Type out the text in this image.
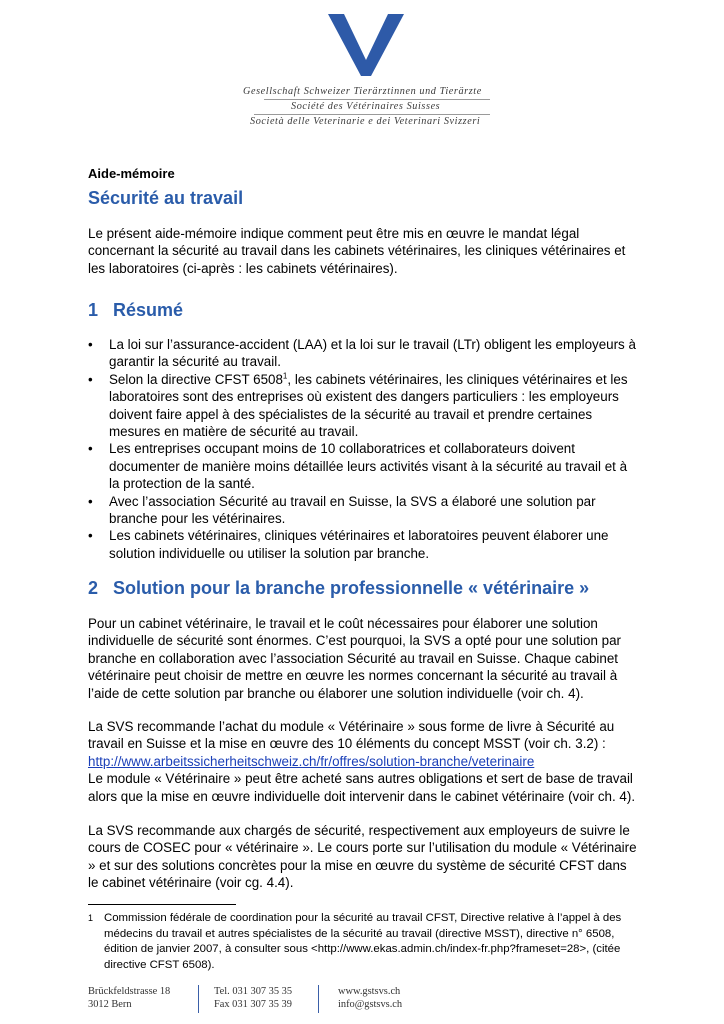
Gesellschaft Schweizer Tierärztinnen und Tierärzte
Société des Vétérinaires Suisses
Società delle Veterinarie e dei Veterinari Svizzeri
Aide-mémoire
Sécurité au travail
Le présent aide-mémoire indique comment peut être mis en œuvre le mandat légal concernant la sécurité au travail dans les cabinets vétérinaires, les cliniques vétérinaires et les laboratoires (ci-après : les cabinets vétérinaires).
1 Résumé
• La loi sur l’assurance-accident (LAA) et la loi sur le travail (LTr) obligent les employeurs à garantir la sécurité au travail.
• Selon la directive CFST 6508$^1$, les cabinets vétérinaires, les cliniques vétérinaires et les laboratoires sont des entreprises où existent des dangers particuliers : les employeurs doivent faire appel à des spécialistes de la sécurité au travail et prendre certaines mesures en matière de sécurité au travail.
• Les entreprises occupant moins de 10 collaboratrices et collaborateurs doivent documenter de manière moins détaillée leurs activités visant à la sécurité au travail et à la protection de la santé.
• Avec l’association Sécurité au travail en Suisse, la SVS a élaboré une solution par branche pour les vétérinaires.
• Les cabinets vétérinaires, cliniques vétérinaires et laboratoires peuvent élaborer une solution individuelle ou utiliser la solution par branche.
2 Solution pour la branche professionnelle « vétérinaire »
Pour un cabinet vétérinaire, le travail et le coût nécessaires pour élaborer une solution individuelle de sécurité sont énormes. C’est pourquoi, la SVS a opté pour une solution par branche en collaboration avec l’association Sécurité au travail en Suisse. Chaque cabinet vétérinaire peut choisir de mettre en œuvre les normes concernant la sécurité au travail à l’aide de cette solution par branche ou élaborer une solution individuelle (voir ch. 4).
La SVS recommande l’achat du module « Vétérinaire » sous forme de livre à Sécurité au travail en Suisse et la mise en œuvre des 10 éléments du concept MSST (voir ch. 3.2) :
http://www.arbeitssicherheitschweiz.ch/fr/offres/solution-branche/veterinaire
Le module « Vétérinaire » peut être acheté sans autres obligations et sert de base de travail alors que la mise en œuvre individuelle doit intervenir dans le cabinet vétérinaire (voir ch. 4).
La SVS recommande aux chargés de sécurité, respectivement aux employeurs de suivre le cours de COSEC pour « vétérinaire ». Le cours porte sur l’utilisation du module « Vétérinaire » et sur des solutions concrètes pour la mise en œuvre du système de sécurité CFST dans le cabinet vétérinaire (voir cg. 4.4).
1 Commission fédérale de coordination pour la sécurité au travail CFST, Directive relative à l’appel à des médecins du travail et autres spécialistes de la sécurité au travail (directive MSST), directive n° 6508, édition de janvier 2007, à consulter sous <http://www.ekas.admin.ch/index-fr.php?frameset=28>, (citée directive CFST 6508).
Brückfeldstrasse 18
3012 Bern
Tel. 031 307 35 35
Fax 031 307 35 39
www.gstsvs.ch
info@gstsvs.ch
